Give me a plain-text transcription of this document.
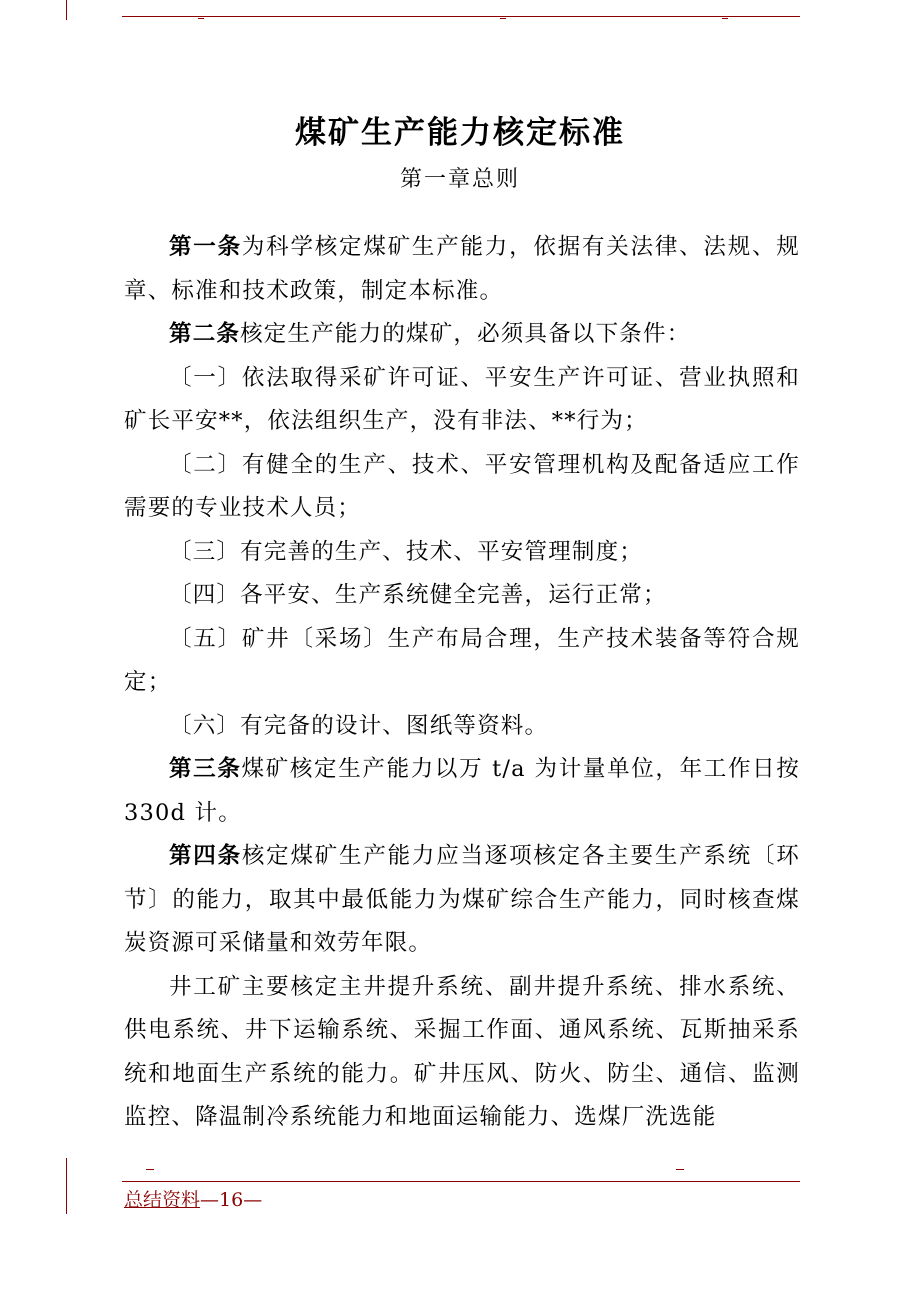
煤矿生产能力核定标准
第一章总则

第一条为科学核定煤矿生产能力，依据有关法律、法规、规章、标准和技术政策，制定本标准。

第二条核定生产能力的煤矿，必须具备以下条件：

〔一〕依法取得采矿许可证、平安生产许可证、营业执照和矿长平安**，依法组织生产，没有非法、**行为；

〔二〕有健全的生产、技术、平安管理机构及配备适应工作需要的专业技术人员；

〔三〕有完善的生产、技术、平安管理制度；

〔四〕各平安、生产系统健全完善，运行正常；

〔五〕矿井〔采场〕生产布局合理，生产技术装备等符合规定；

〔六〕有完备的设计、图纸等资料。

第三条煤矿核定生产能力以万 t/a 为计量单位，年工作日按 330d 计。

第四条核定煤矿生产能力应当逐项核定各主要生产系统〔环节〕的能力，取其中最低能力为煤矿综合生产能力，同时核查煤炭资源可采储量和效劳年限。

井工矿主要核定主井提升系统、副井提升系统、排水系统、供电系统、井下运输系统、采掘工作面、通风系统、瓦斯抽采系统和地面生产系统的能力。矿井压风、防火、防尘、通信、监测监控、降温制冷系统能力和地面运输能力、选煤厂洗选能

总结资料—16—
